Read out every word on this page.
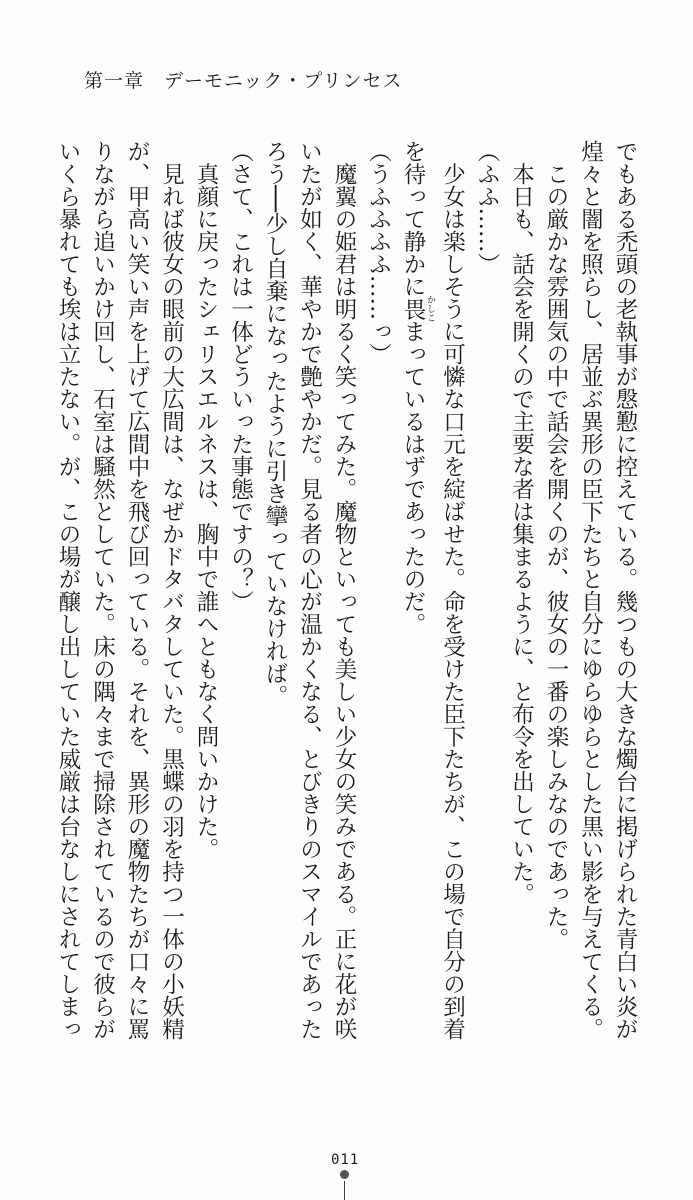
第一章　デーモニック・プリンセス

でもある禿頭の老執事が慇懃に控えている。幾つもの大きな燭台に掲げられた青白い炎が

煌々と闇を照らし、居並ぶ異形の臣下たちと自分にゆらゆらとした黒い影を与えてくる。

　この厳かな雰囲気の中で話会を開くのが、彼女の一番の楽しみなのであった。

　本日も、話会を開くので主要な者は集まるように、と布令を出していた。

（ふふ……）

　少女は楽しそうに可憐な口元を綻ばせた。命を受けた臣下たちが、この場で自分の到着

を待って静かに畏 かしこまっているはずであったのだ。

（うふふふふ……っ）

　魔翼の姫君は明るく笑ってみた。魔物といっても美しい少女の笑みである。正に花が咲

いたが如く、華やかで艶やかだ。見る者の心が温かくなる、とびきりのスマイルであった

ろう──少し自棄になったように引き攣っていなければ。

（さて、これは一体どういった事態ですの？）

　真顔に戻ったシェリスエルネスは、胸中で誰へともなく問いかけた。

　見れば彼女の眼前の大広間は、なぜかドタバタしていた。黒蝶の羽を持つ一体の小妖精

が、甲高い笑い声を上げて広間中を飛び回っている。それを、異形の魔物たちが口々に罵

りながら追いかけ回し、石室は騒然としていた。床の隅々まで掃除されているので彼らが

いくら暴れても埃は立たない。が、この場が醸し出していた威厳は台なしにされてしまっ

011
